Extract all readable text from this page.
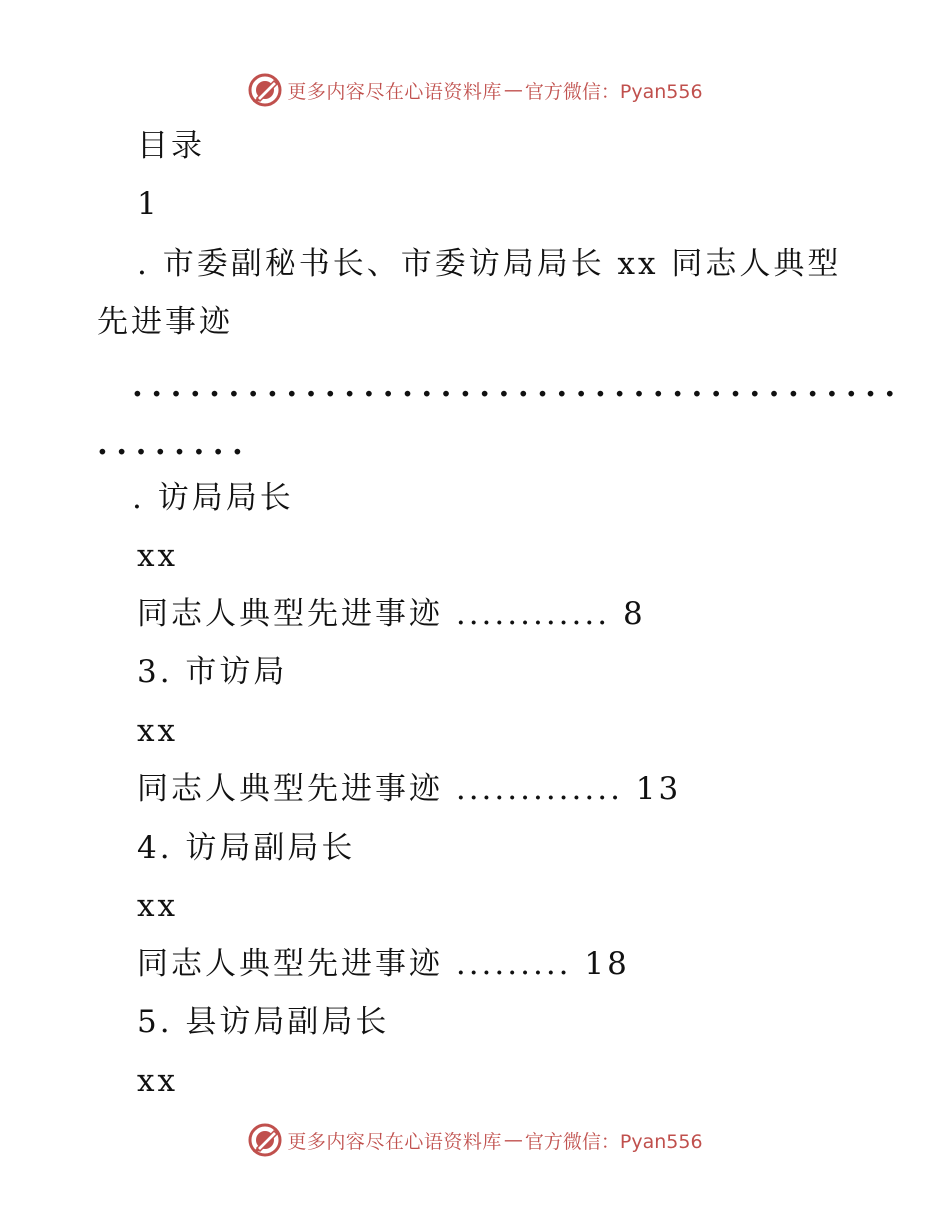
更多内容尽在心语资料库 — 官方微信：Pyan556
目录
1
. 市委副秘书长、市委访局局长 xx 同志人典型
先进事迹
........................................
........
. 访局局长
xx
同志人典型先进事迹 ............ 8
3. 市访局
xx
同志人典型先进事迹 ............. 13
4. 访局副局长
xx
同志人典型先进事迹 ......... 18
5. 县访局副局长
xx
更多内容尽在心语资料库 — 官方微信：Pyan556
